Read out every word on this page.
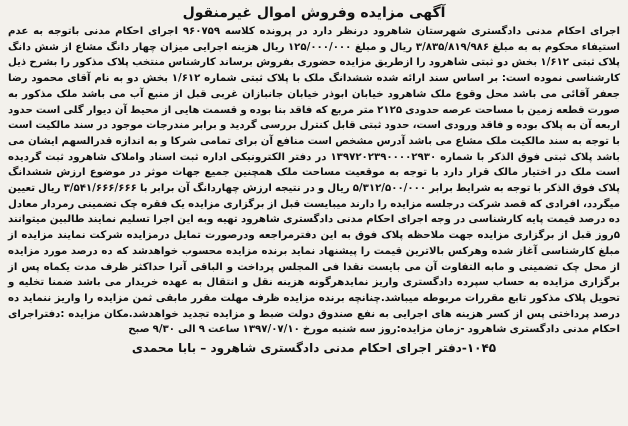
آگهی مزایده وفروش اموال غیرمنقول

اجرای احکام مدنی دادگستری شهرستان شاهرود درنظر دارد در پرونده کلاسه ۹۶۰۷۵۹ اجرای احکام مدنی باتوجه به عدم استیفاء محکوم به به مبلغ ۳/۸۳۵/۸۱۹/۹۸۶ ریال و مبلغ ۱۲۵/۰۰۰/۰۰۰ ریال هزینه اجرایی میزان چهار دانگ مشاع از شش دانگ پلاک ثبتی ۱/۶۱۲ بخش دو ثبتی شاهرود را ازطریق مزایده حضوری بفروش برساند کارشناس منتخب پلاک مذکور را بشرح ذیل کارشناسی نموده است: بر اساس سند ارائه شده ششدانگ ملک با پلاک ثبتی شماره ۱/۶۱۲ بخش دو به نام آقای محمود رضا جعفر آقائی می باشد محل وقوع ملک شاهرود خیابان ابوذر خیابان جانبازان غربی قبل از منبع آب می باشد ملک مذکور به صورت قطعه زمین با مساحت عرصه حدودی ۲۱۲۵ متر مربع که فاقد بنا بوده و قسمت هایی از محیط آن دیوار گلی است حدود اربعه آن به پلاک بوده و فاقد ورودی است، حدود ثبتی قابل کنترل بررسی گردید و برابر مندرجات موجود در سند مالکیت است با توجه به سند مالکیت ملک مشاع می باشد آدرس مشخص است منافع آن برای تمامی شرکا و به اندازه قدرالسهم ایشان می باشد پلاک ثبتی فوق الذکر با شماره ۱۳۹۷۲۰۲۳۹۰۰۰۰۲۹۳۰ در دفتر الکترونیکی اداره ثبت اسناد واملاک شاهرود ثبت گردیده است ملک در اختیار مالک قرار دارد با توجه به موقعیت مساحت ملک همچنین جمیع جهات موثر در موضوع ارزش ششدانگ پلاک فوق الذکر با توجه به شرایط برابر ۵/۳۱۲/۵۰۰/۰۰۰ ریال و در نتیجه ارزش چهاردانگ آن برابر با ۳/۵۴۱/۶۶۶/۶۶۶ ریال تعیین میگردد، افرادی که قصد شرکت درجلسه مزایده را دارند میبایست قبل از برگزاری مزایده یک فقره چک تضمینی رمردار معادل ده درصد قیمت پایه کارشناسی در وجه اجرای احکام مدنی دادگستری شاهرود تهیه وبه این اجرا تسلیم نمایند طالبین میتوانند ۵روز قبل از برگزاری مزایده جهت ملاحظه پلاک فوق به این دفترمراجعه ودرصورت تمایل درمزایده شرکت نمایند مزایده از مبلغ کارشناسی آغاز شده وهرکس بالاترین قیمت را پیشنهاد نماید برنده مزایده محسوب خواهدشد که ده درصد مورد مزایده از محل چک تضمینی و مابه التفاوت آن می بایست نقدا فی المجلس پرداخت و الباقی آنرا حداکثر ظرف مدت یکماه پس از برگزاری مزایده به حساب سپرده دادگستری واریز نمایدهرگونه هزینه نقل و انتقال به عهده خریدار می باشد ضمنا تخلیه و تحویل پلاک مذکور تابع مقررات مربوطه میباشد.چنانچه برنده مزایده ظرف مهلت مقرر مابقی ثمن مزایده را واریز ننماید ده درصد پرداختی پس از کسر هزینه های اجرایی به نفع صندوق دولت ضبط و مزایده تجدید خواهدشد.مکان مزایده :دفتراجرای احکام مدنی دادگستری شاهرود -زمان مزایده:روز سه شنبه مورخ ۱۳۹۷/۰۷/۱۰ ساعت ۹ الی ۹/۳۰ صبح

۱۰۴۵-دفتر اجرای احکام مدنی دادگستری شاهرود – بابا محمدی
